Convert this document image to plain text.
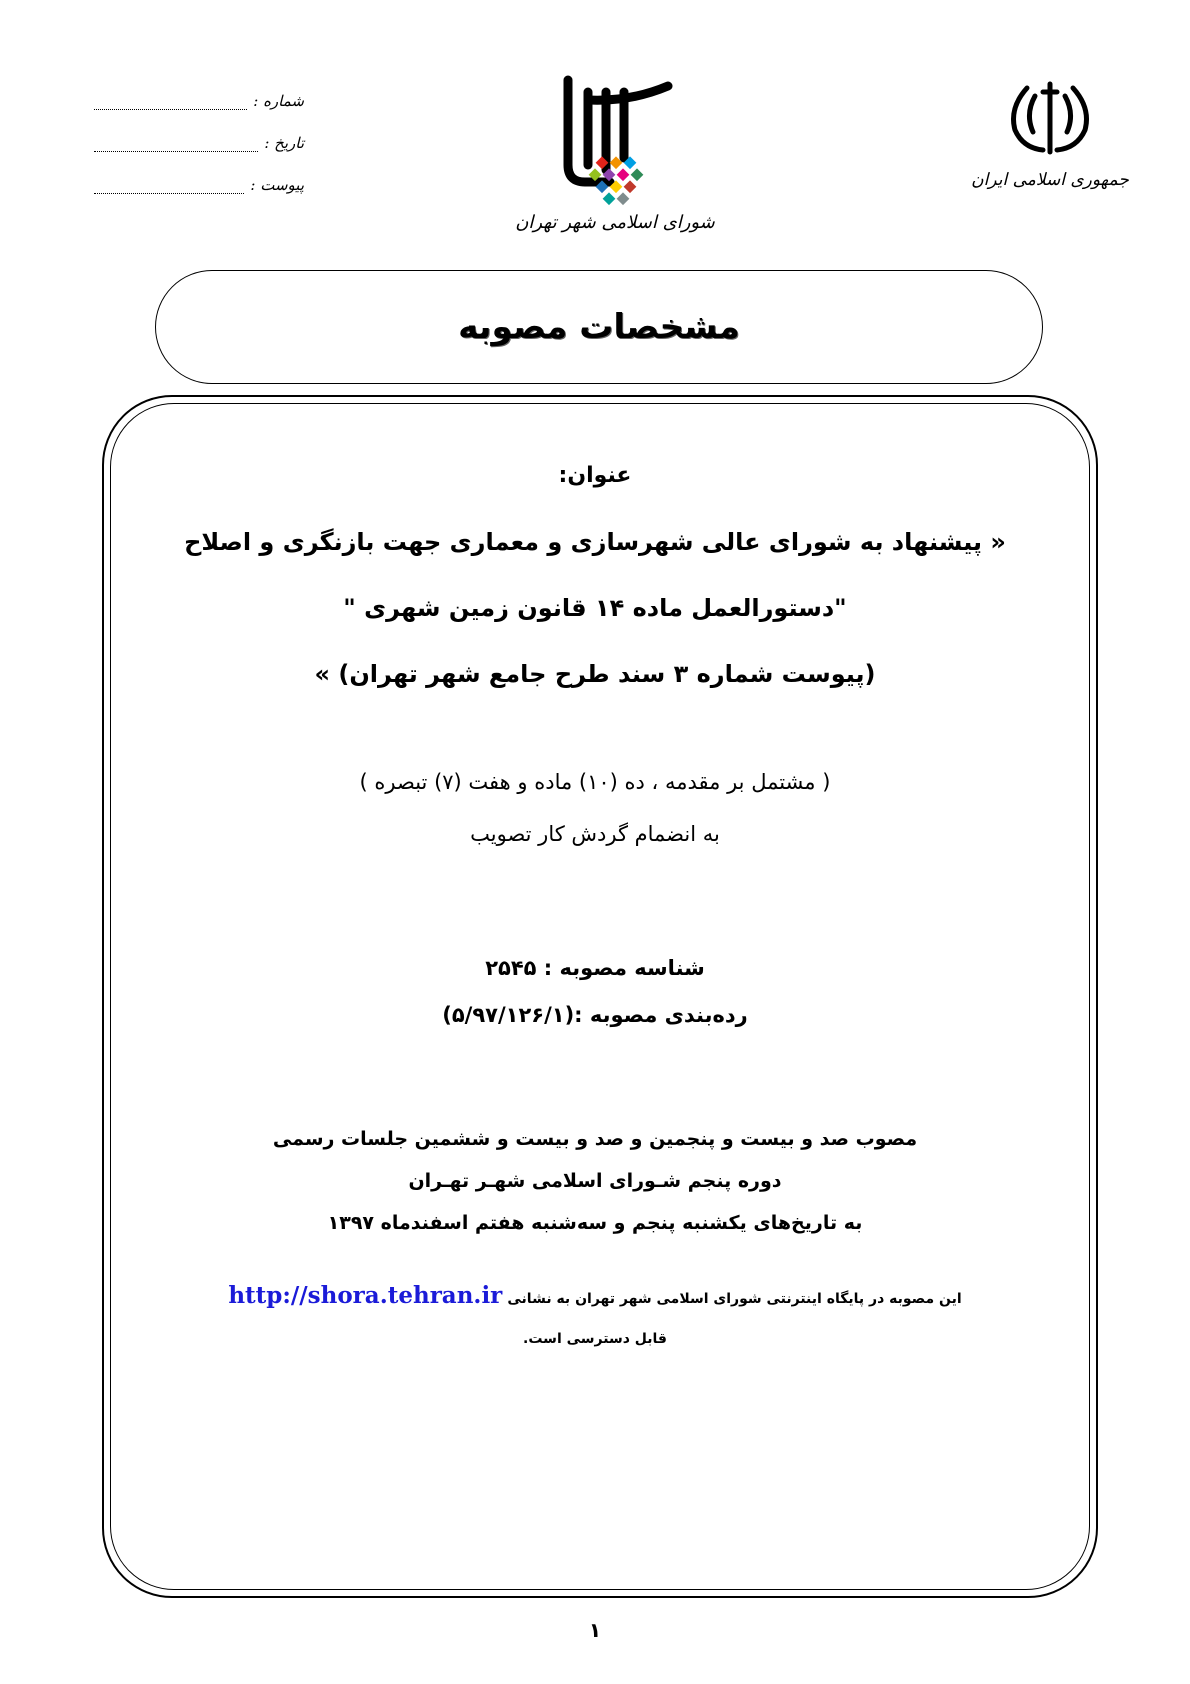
شماره :
تاریخ :
پیوست :
شورای اسلامی شهر تهران
جمهوری اسلامی ایران
مشخصات مصوبه
عنوان:
« پیشنهاد به شورای عالی شهرسازی و معماری جهت بازنگری و اصلاح
"دستورالعمل ماده ۱۴ قانون زمین شهری "
(پیوست شماره ۳ سند طرح جامع شهر تهران) »
( مشتمل بر مقدمه ، ده (۱۰) ماده و هفت (۷) تبصره )
به انضمام گردش کار تصویب
شناسه مصوبه : ۲۵۴۵
رده‌بندی مصوبه :(۵/۹۷/۱۲۶/۱)
مصوب صد و بیست و پنجمین و صد و بیست و ششمین جلسات رسمی
دوره پنجم شـورای اسلامی شهـر تهـران
به تاریخ‌های یکشنبه پنجم و سه‌شنبه هفتم اسفندماه ۱۳۹۷
این مصوبه در پایگاه اینترنتی شورای اسلامی شهر تهران به نشانی http://shora.tehran.ir
قابل دسترسی است.
۱
